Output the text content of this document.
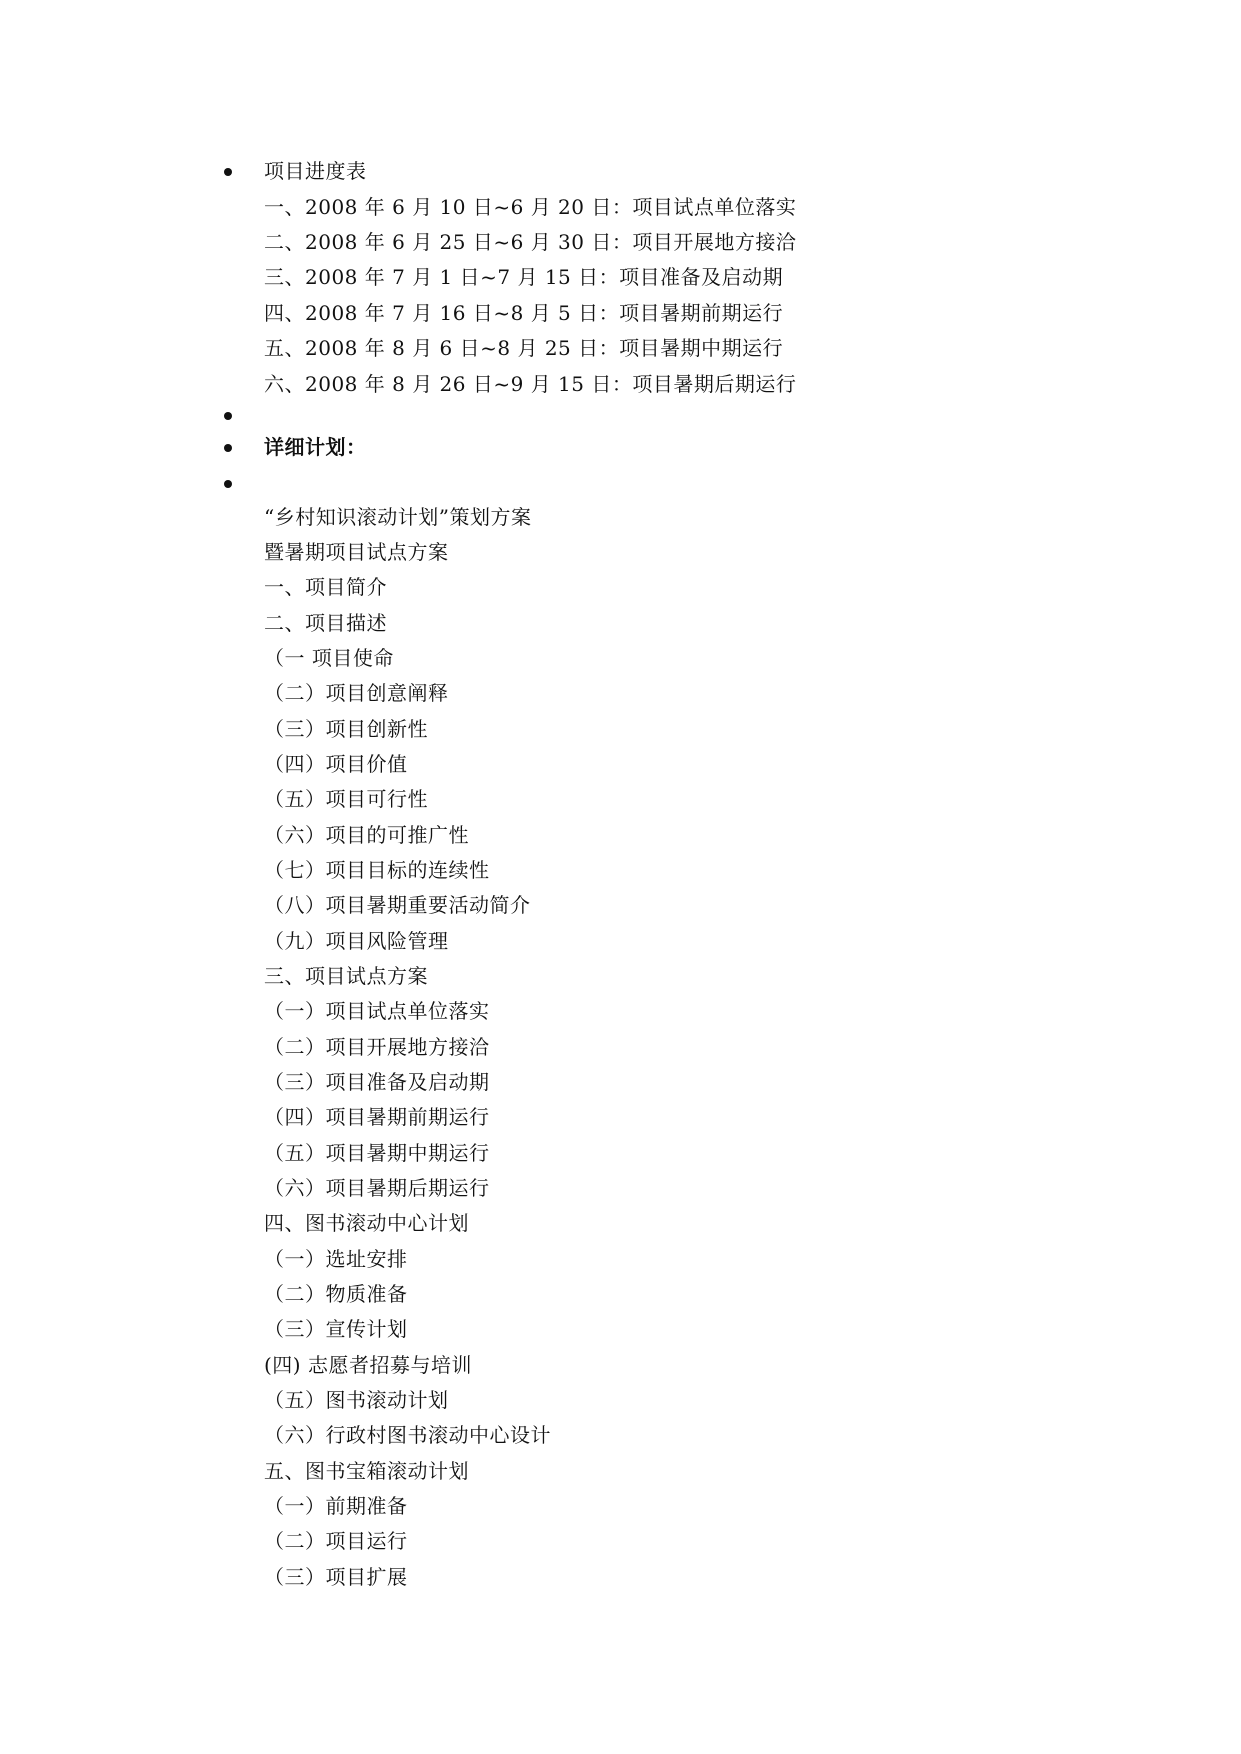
项目进度表
一、2008 年 6 月 10 日~6 月 20 日：项目试点单位落实
二、2008 年 6 月 25 日~6 月 30 日：项目开展地方接洽
三、2008 年 7 月 1 日~7 月 15 日：项目准备及启动期
四、2008 年 7 月 16 日~8 月 5 日：项目暑期前期运行
五、2008 年 8 月 6 日~8 月 25 日：项目暑期中期运行
六、2008 年 8 月 26 日~9 月 15 日：项目暑期后期运行
详细计划：
“乡村知识滚动计划”策划方案
暨暑期项目试点方案
一、项目简介
二、项目描述
（一 项目使命
（二）项目创意阐释
（三）项目创新性
（四）项目价值
（五）项目可行性
（六）项目的可推广性
（七）项目目标的连续性
（八）项目暑期重要活动简介
（九）项目风险管理
三、项目试点方案
（一）项目试点单位落实
（二）项目开展地方接洽
（三）项目准备及启动期
（四）项目暑期前期运行
（五）项目暑期中期运行
（六）项目暑期后期运行
四、图书滚动中心计划
（一）选址安排
（二）物质准备
（三）宣传计划
(四) 志愿者招募与培训
（五）图书滚动计划
（六）行政村图书滚动中心设计
五、图书宝箱滚动计划
（一）前期准备
（二）项目运行
（三）项目扩展
